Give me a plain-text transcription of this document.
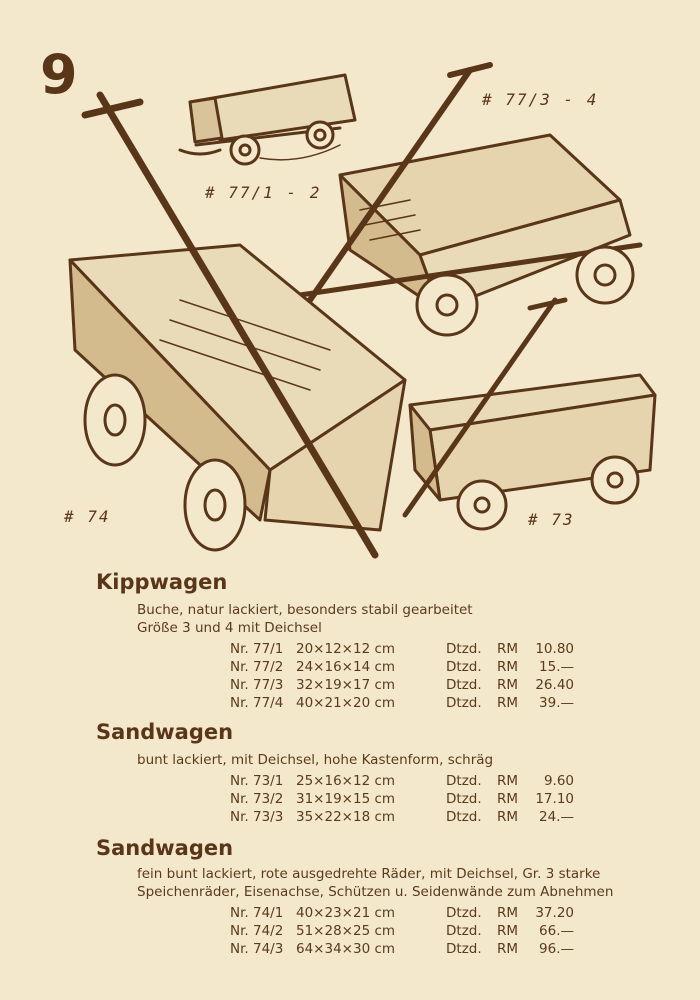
9
# 77/1 - 2
# 77/3 - 4
# 74	# 73
Kippwagen
Buche, natur lackiert, besonders stabil gearbeitet
Größe 3 und 4 mit Deichsel
Nr. 77/1 20×12×12 cm	Dtzd. RM	10.80
Nr. 77/2 24×16×14 cm	Dtzd. RM	15.—
Nr. 77/3 32×19×17 cm	Dtzd. RM	26.40
Nr. 77/4 40×21×20 cm	Dtzd. RM	39.—
Sandwagen
bunt lackiert, mit Deichsel, hohe Kastenform, schräg
Nr. 73/1 25×16×12 cm	Dtzd. RM	9.60
Nr. 73/2 31×19×15 cm	Dtzd. RM	17.10
Nr. 73/3 35×22×18 cm	Dtzd. RM	24.—
Sandwagen
fein bunt lackiert, rote ausgedrehte Räder, mit Deichsel, Gr. 3 starke
Speichenräder, Eisenachse, Schützen u. Seidenwände zum Abnehmen
Nr. 74/1 40×23×21 cm	Dtzd. RM	37.20
Nr. 74/2 51×28×25 cm	Dtzd. RM	66.—
Nr. 74/3 64×34×30 cm	Dtzd. RM	96.—
